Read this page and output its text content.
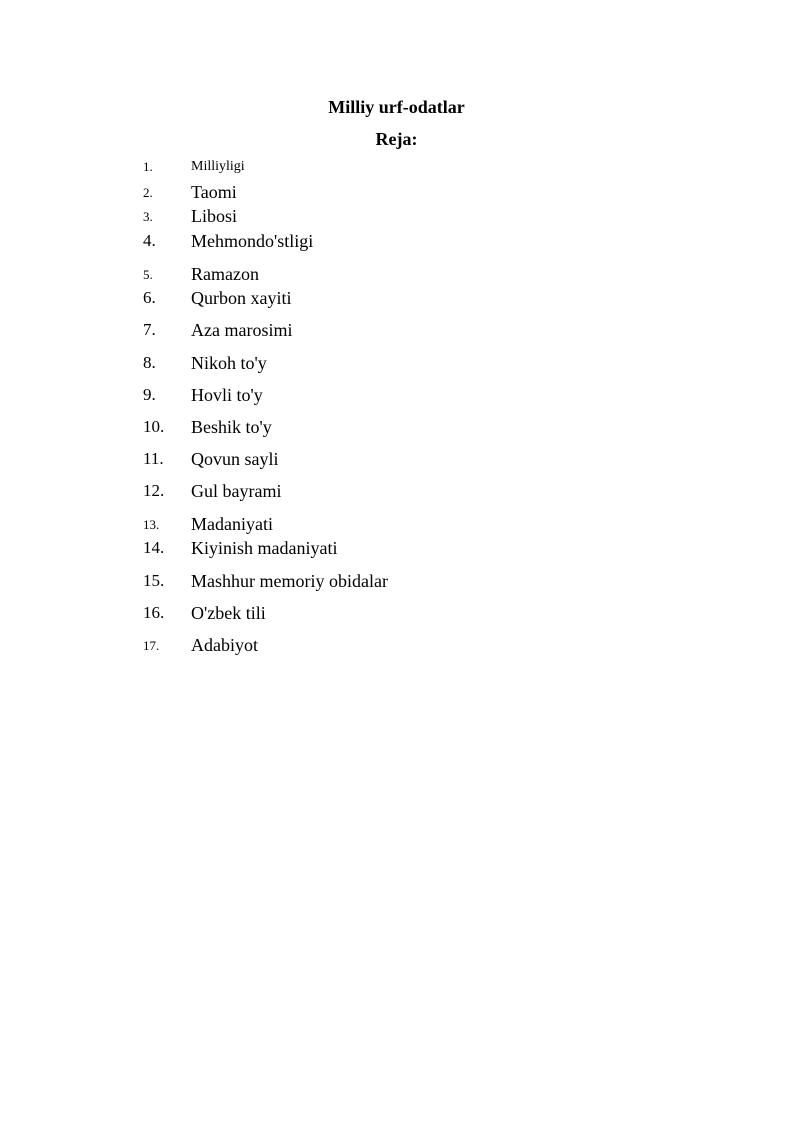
Milliy urf-odatlar
Reja:
1.	Milliyligi
2. Taomi
3. Libosi
4. Mehmondo'stligi
5. Ramazon
6. Qurbon xayiti
7. Aza marosimi
8. Nikoh to'y
9. Hovli to'y
10. Beshik to'y
11. Qovun sayli
12. Gul bayrami
13. Madaniyati
14. Kiyinish madaniyati
15. Mashhur memoriy obidalar
16. O'zbek tili
17. Adabiyot
